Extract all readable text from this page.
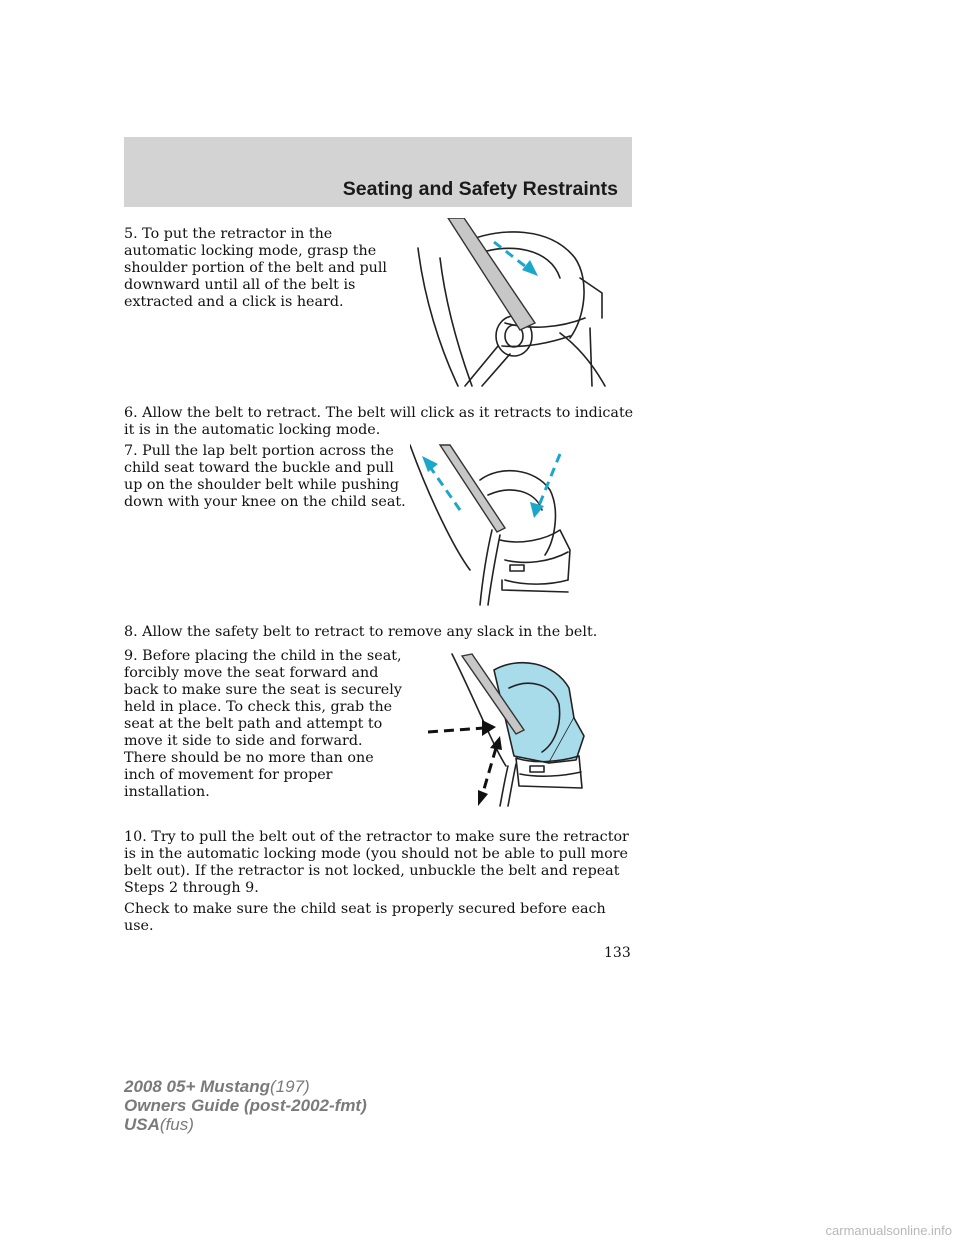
Seating and Safety Restraints

5. To put the retractor in the automatic locking mode, grasp the shoulder portion of the belt and pull downward until all of the belt is extracted and a click is heard.

6. Allow the belt to retract. The belt will click as it retracts to indicate it is in the automatic locking mode.

7. Pull the lap belt portion across the child seat toward the buckle and pull up on the shoulder belt while pushing down with your knee on the child seat.

8. Allow the safety belt to retract to remove any slack in the belt.

9. Before placing the child in the seat, forcibly move the seat forward and back to make sure the seat is securely held in place. To check this, grab the seat at the belt path and attempt to move it side to side and forward. There should be no more than one inch of movement for proper installation.

10. Try to pull the belt out of the retractor to make sure the retractor is in the automatic locking mode (you should not be able to pull more belt out). If the retractor is not locked, unbuckle the belt and repeat Steps 2 through 9.

Check to make sure the child seat is properly secured before each use.

133
2008 05+ Mustang(197)
Owners Guide (post-2002-fmt)
USA(fus)
carmanualsonline.info
